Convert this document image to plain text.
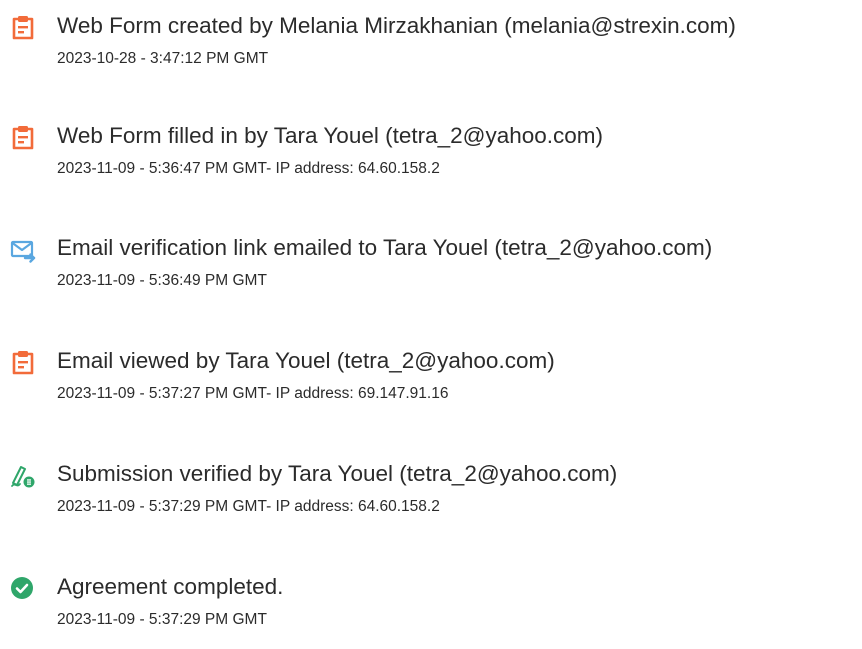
Web Form created by Melania Mirzakhanian (melania@strexin.com)
2023-10-28 - 3:47:12 PM GMT
Web Form filled in by Tara Youel (tetra_2@yahoo.com)
2023-11-09 - 5:36:47 PM GMT- IP address: 64.60.158.2
Email verification link emailed to Tara Youel (tetra_2@yahoo.com)
2023-11-09 - 5:36:49 PM GMT
Email viewed by Tara Youel (tetra_2@yahoo.com)
2023-11-09 - 5:37:27 PM GMT- IP address: 69.147.91.16
Submission verified by Tara Youel (tetra_2@yahoo.com)
2023-11-09 - 5:37:29 PM GMT- IP address: 64.60.158.2
Agreement completed.
2023-11-09 - 5:37:29 PM GMT
